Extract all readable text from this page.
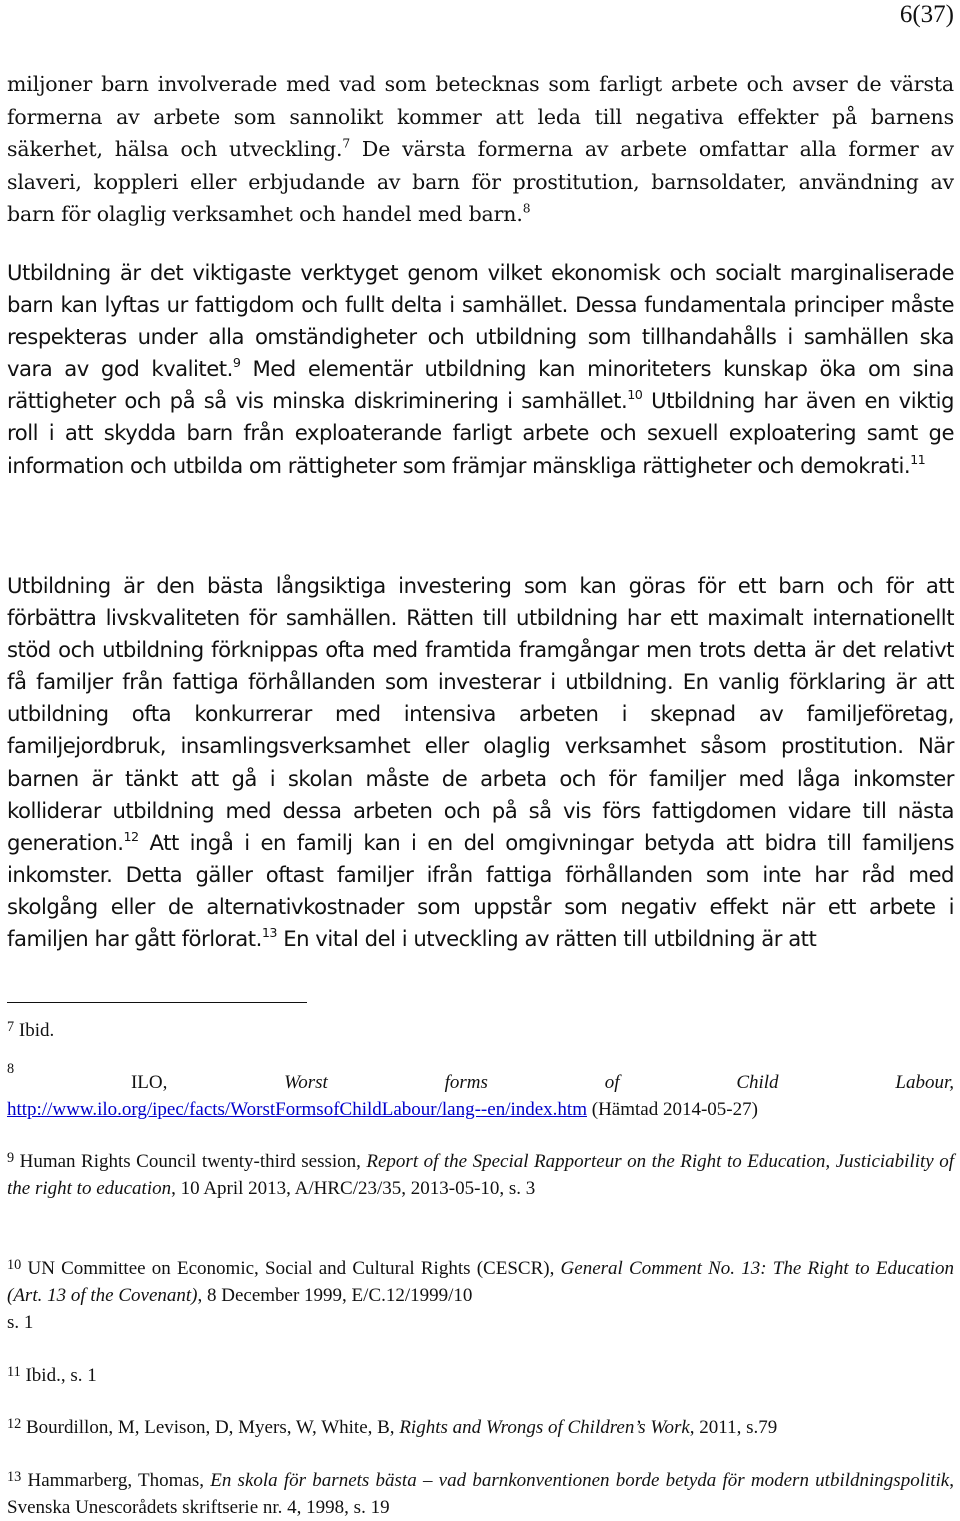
6(37)

miljoner barn involverade med vad som betecknas som farligt arbete och avser de värsta formerna av arbete som sannolikt kommer att leda till negativa effekter på barnens säkerhet, hälsa och utveckling.$^7$ De värsta formerna av arbete omfattar alla former av slaveri, koppleri eller erbjudande av barn för prostitution, barnsoldater, användning av barn för olaglig verksamhet och handel med barn.$^8$

Utbildning är det viktigaste verktyget genom vilket ekonomisk och socialt marginaliserade barn kan lyftas ur fattigdom och fullt delta i samhället. Dessa fundamentala principer måste respekteras under alla omständigheter och utbildning som tillhandahålls i samhällen ska vara av god kvalitet.$^9$ Med elementär utbildning kan minoriteters kunskap öka om sina rättigheter och på så vis minska diskriminering i samhället.$^{10}$ Utbildning har även en viktig roll i att skydda barn från exploaterande farligt arbete och sexuell exploatering samt ge information och utbilda om rättigheter som främjar mänskliga rättigheter och demokrati.$^{11}$

Utbildning är den bästa långsiktiga investering som kan göras för ett barn och för att förbättra livskvaliteten för samhällen. Rätten till utbildning har ett maximalt internationellt stöd och utbildning förknippas ofta med framtida framgångar men trots detta är det relativt få familjer från fattiga förhållanden som investerar i utbildning. En vanlig förklaring är att utbildning ofta konkurrerar med intensiva arbeten i skepnad av familjeföretag, familjejordbruk, insamlingsverksamhet eller olaglig verksamhet såsom prostitution. När barnen är tänkt att gå i skolan måste de arbeta och för familjer med låga inkomster kolliderar utbildning med dessa arbeten och på så vis förs fattigdomen vidare till nästa generation.$^{12}$ Att ingå i en familj kan i en del omgivningar betyda att bidra till familjens inkomster. Detta gäller oftast familjer ifrån fattiga förhållanden som inte har råd med skolgång eller de alternativkostnader som uppstår som negativ effekt när ett arbete i familjen har gått förlorat.$^{13}$ En vital del i utveckling av rätten till utbildning är att

$^7$ Ibid.
8
ILO,	Worst	forms	of	Child	Labour,
http://www.ilo.org/ipec/facts/WorstFormsofChildLabour/lang--en/index.htm (Hämtad 2014-05-27)
$^9$ Human Rights Council twenty-third session, Report of the Special Rapporteur on the Right to Education, Justiciability of the right to education, 10 April 2013, A/HRC/23/35, 2013-05-10, s. 3
$^{10}$ UN Committee on Economic, Social and Cultural Rights (CESCR), General Comment No. 13: The Right to Education (Art. 13 of the Covenant), 8 December 1999, E/C.12/1999/10
s. 1
$^{11}$ Ibid., s. 1
$^{12}$ Bourdillon, M, Levison, D, Myers, W, White, B, Rights and Wrongs of Children’s Work, 2011, s.79
$^{13}$ Hammarberg, Thomas, En skola för barnets bästa – vad barnkonventionen borde betyda för modern utbildningspolitik, Svenska Unescorådets skriftserie nr. 4, 1998, s. 19
